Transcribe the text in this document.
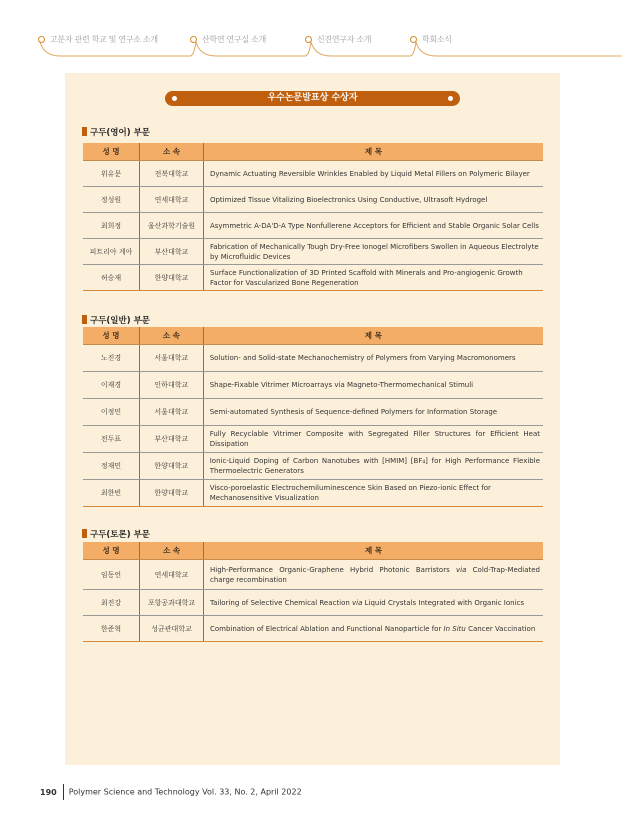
고분자 관련 학교 및 연구소 소개	산학연 연구실 소개	신진연구자 소개	학회소식
우수논문발표상 수상자
구두(영어) 부문
성 명	소 속	제 목
위유문	전북대학교	Dynamic Actuating Reversible Wrinkles Enabled by Liquid Metal Fillers on Polymeric Bilayer
정성원	연세대학교	Optimized Tissue Vitalizing Bioelectronics Using Conductive, Ultrasoft Hydrogel
최희정	울산과학기술원	Asymmetric A-DA'D-A Type Nonfullerene Acceptors for Efficient and Stable Organic Solar Cells
피트리아 게아	부산대학교	Fabrication of Mechanically Tough Dry-Free Ionogel Microfibers Swollen in Aqueous Electrolyte by Microfluidic Devices
허승재	한양대학교	Surface Functionalization of 3D Printed Scaffold with Minerals and Pro-angiogenic Growth Factor for Vascularized Bone Regeneration
구두(일반) 부문
성 명	소 속	제 목
노진경	서울대학교	Solution- and Solid-state Mechanochemistry of Polymers from Varying Macromonomers
이재경	인하대학교	Shape-Fixable Vitrimer Microarrays via Magneto-Thermomechanical Stimuli
이정민	서울대학교	Semi-automated Synthesis of Sequence-defined Polymers for Information Storage
전두표	부산대학교	Fully Recyclable Vitrimer Composite with Segregated Filler Structures for Efficient Heat Dissipation
정재민	한양대학교	Ionic-Liquid Doping of Carbon Nanotubes with [HMIM] [BF₄] for High Performance Flexible Thermoelectric Generators
최한빈	한양대학교	Visco-poroelastic Electrochemiluminescence Skin Based on Piezo-ionic Effect for Mechanosensitive Visualization
구두(토론) 부문
성 명	소 속	제 목
임동언	연세대학교	High-Performance Organic-Graphene Hybrid Photonic Barristors via Cold-Trap-Mediated charge recombination
최진강	포항공과대학교	Tailoring of Selective Chemical Reaction via Liquid Crystals Integrated with Organic Ionics
한준혁	성균관대학교	Combination of Electrical Ablation and Functional Nanoparticle for In Situ Cancer Vaccination
190 Polymer Science and Technology Vol. 33, No. 2, April 2022
